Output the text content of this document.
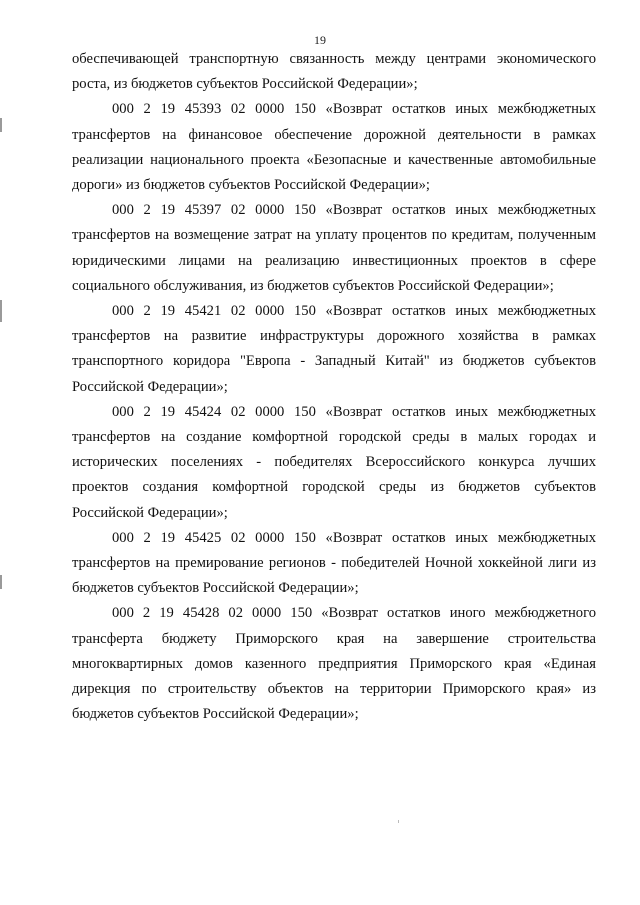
19

обеспечивающей транспортную связанность между центрами экономического роста, из бюджетов субъектов Российской Федерации»;

000 2 19 45393 02 0000 150 «Возврат остатков иных межбюджетных трансфертов на финансовое обеспечение дорожной деятельности в рамках реализации национального проекта «Безопасные и качественные автомобильные дороги» из бюджетов субъектов Российской Федерации»;

000 2 19 45397 02 0000 150 «Возврат остатков иных межбюджетных трансфертов на возмещение затрат на уплату процентов по кредитам, полученным юридическими лицами на реализацию инвестиционных проектов в сфере социального обслуживания, из бюджетов субъектов Российской Федерации»;

000 2 19 45421 02 0000 150 «Возврат остатков иных межбюджетных трансфертов на развитие инфраструктуры дорожного хозяйства в рамках транспортного коридора "Европа - Западный Китай" из бюджетов субъектов Российской Федерации»;

000 2 19 45424 02 0000 150 «Возврат остатков иных межбюджетных трансфертов на создание комфортной городской среды в малых городах и исторических поселениях - победителях Всероссийского конкурса лучших проектов создания комфортной городской среды из бюджетов субъектов Российской Федерации»;

000 2 19 45425 02 0000 150 «Возврат остатков иных межбюджетных трансфертов на премирование регионов - победителей Ночной хоккейной лиги из бюджетов субъектов Российской Федерации»;

000 2 19 45428 02 0000 150 «Возврат остатков иного межбюджетного трансферта бюджету Приморского края на завершение строительства многоквартирных домов казенного предприятия Приморского края «Единая дирекция по строительству объектов на территории Приморского края» из бюджетов субъектов Российской Федерации»;
